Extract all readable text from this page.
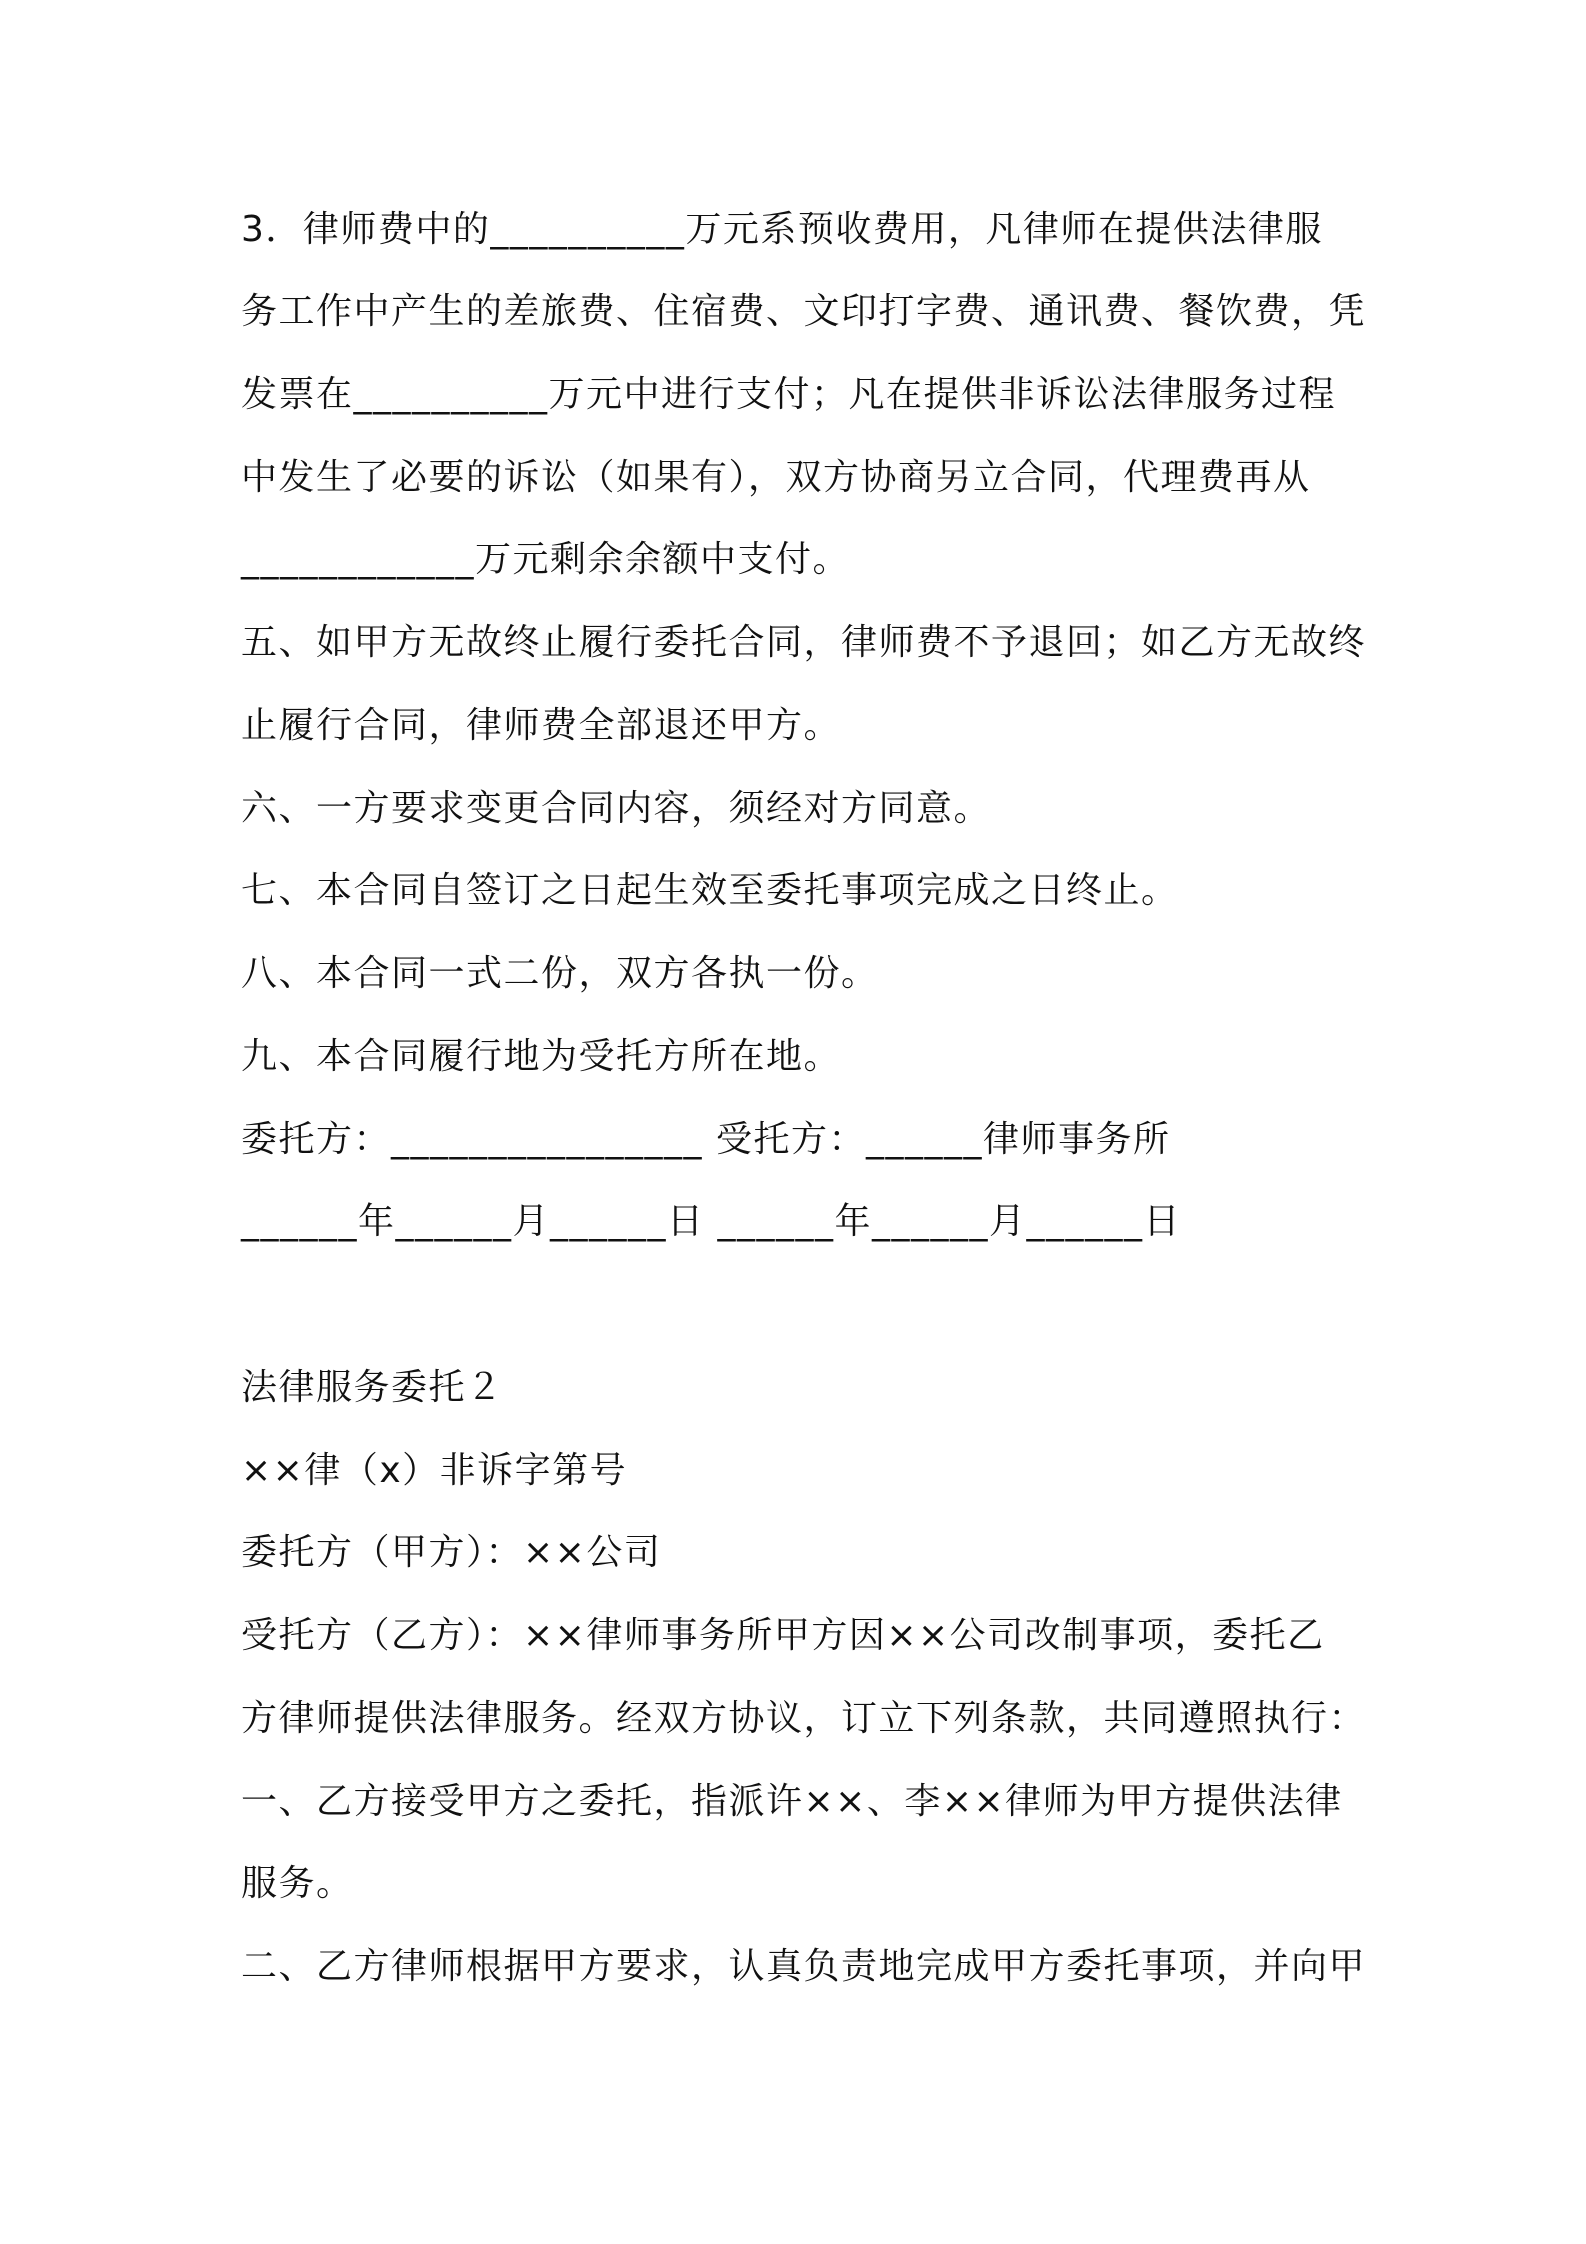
3．律师费中的__________万元系预收费用，凡律师在提供法律服
务工作中产生的差旅费、住宿费、文印打字费、通讯费、餐饮费，凭
发票在__________万元中进行支付；凡在提供非诉讼法律服务过程
中发生了必要的诉讼（如果有），双方协商另立合同，代理费再从
____________万元剩余余额中支付。
五、如甲方无故终止履行委托合同，律师费不予退回；如乙方无故终
止履行合同，律师费全部退还甲方。
六、一方要求变更合同内容，须经对方同意。
七、本合同自签订之日起生效至委托事项完成之日终止。
八、本合同一式二份，双方各执一份。
九、本合同履行地为受托方所在地。
委托方：________________ 受托方：______律师事务所
______年______月______日 ______年______月______日
法律服务委托２
××律（x）非诉字第号
委托方（甲方）：××公司
受托方（乙方）：××律师事务所甲方因××公司改制事项，委托乙
方律师提供法律服务。经双方协议，订立下列条款，共同遵照执行：
一、乙方接受甲方之委托，指派许××、李××律师为甲方提供法律
服务。
二、乙方律师根据甲方要求，认真负责地完成甲方委托事项，并向甲
